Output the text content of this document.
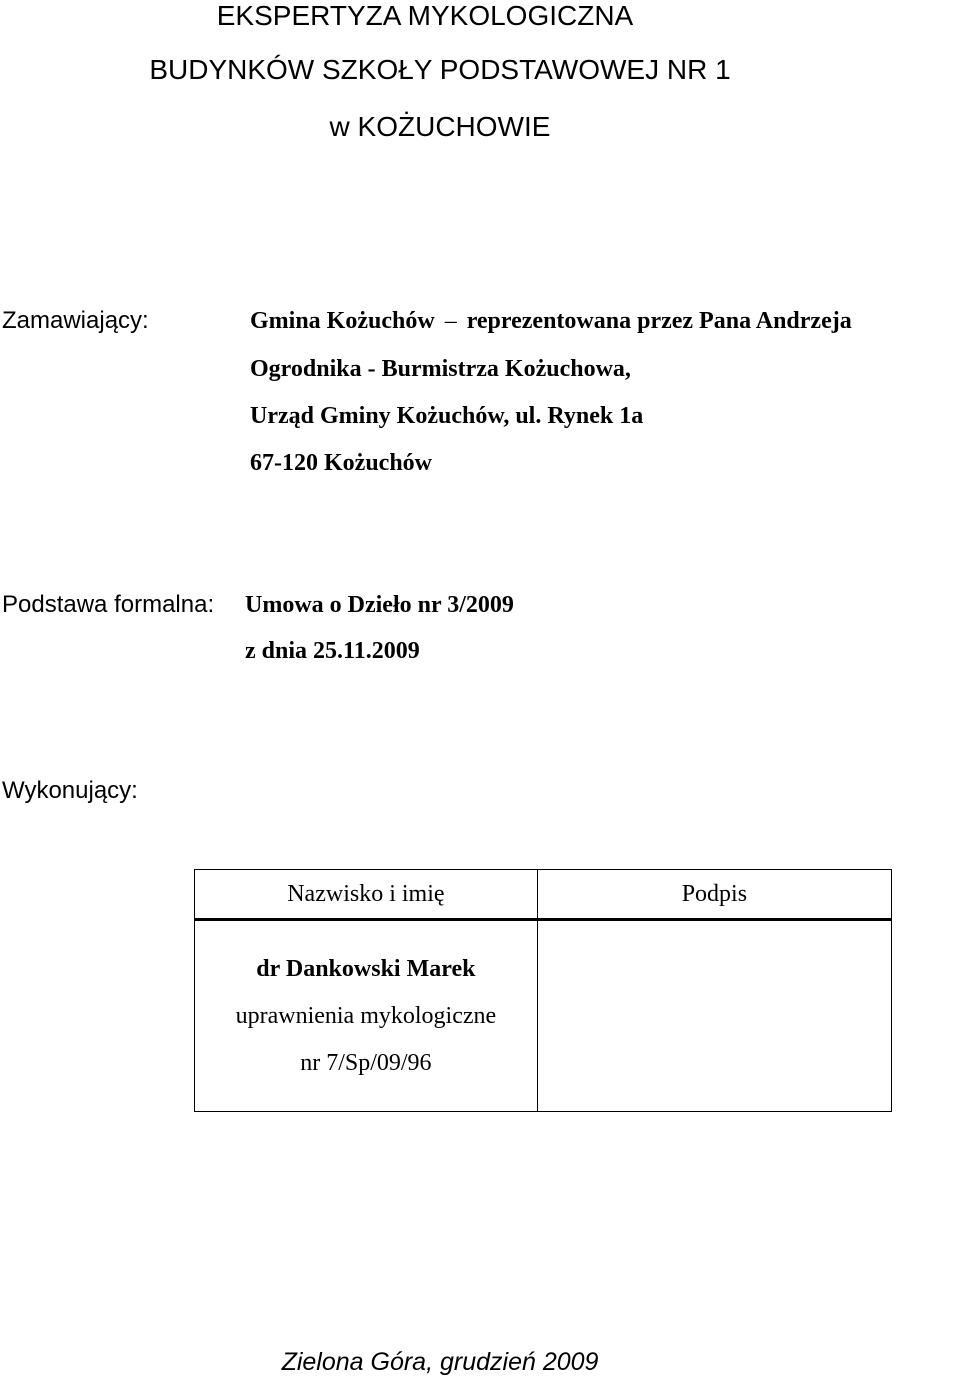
EKSPERTYZA MYKOLOGICZNA
BUDYNKÓW SZKOŁY PODSTAWOWEJ NR 1
w KOŻUCHOWIE
Zamawiający:	Gmina Kożuchów – reprezentowana przez Pana Andrzeja
Ogrodnika - Burmistrza Kożuchowa,
Urząd Gminy Kożuchów, ul. Rynek 1a
67-120 Kożuchów
Podstawa formalna: Umowa o Dzieło nr 3/2009
z dnia 25.11.2009
Wykonujący:
Nazwisko i imię	Podpis

dr Dankowski Marek
uprawnienia mykologiczne
nr 7/Sp/09/96	

Zielona Góra, grudzień 2009
